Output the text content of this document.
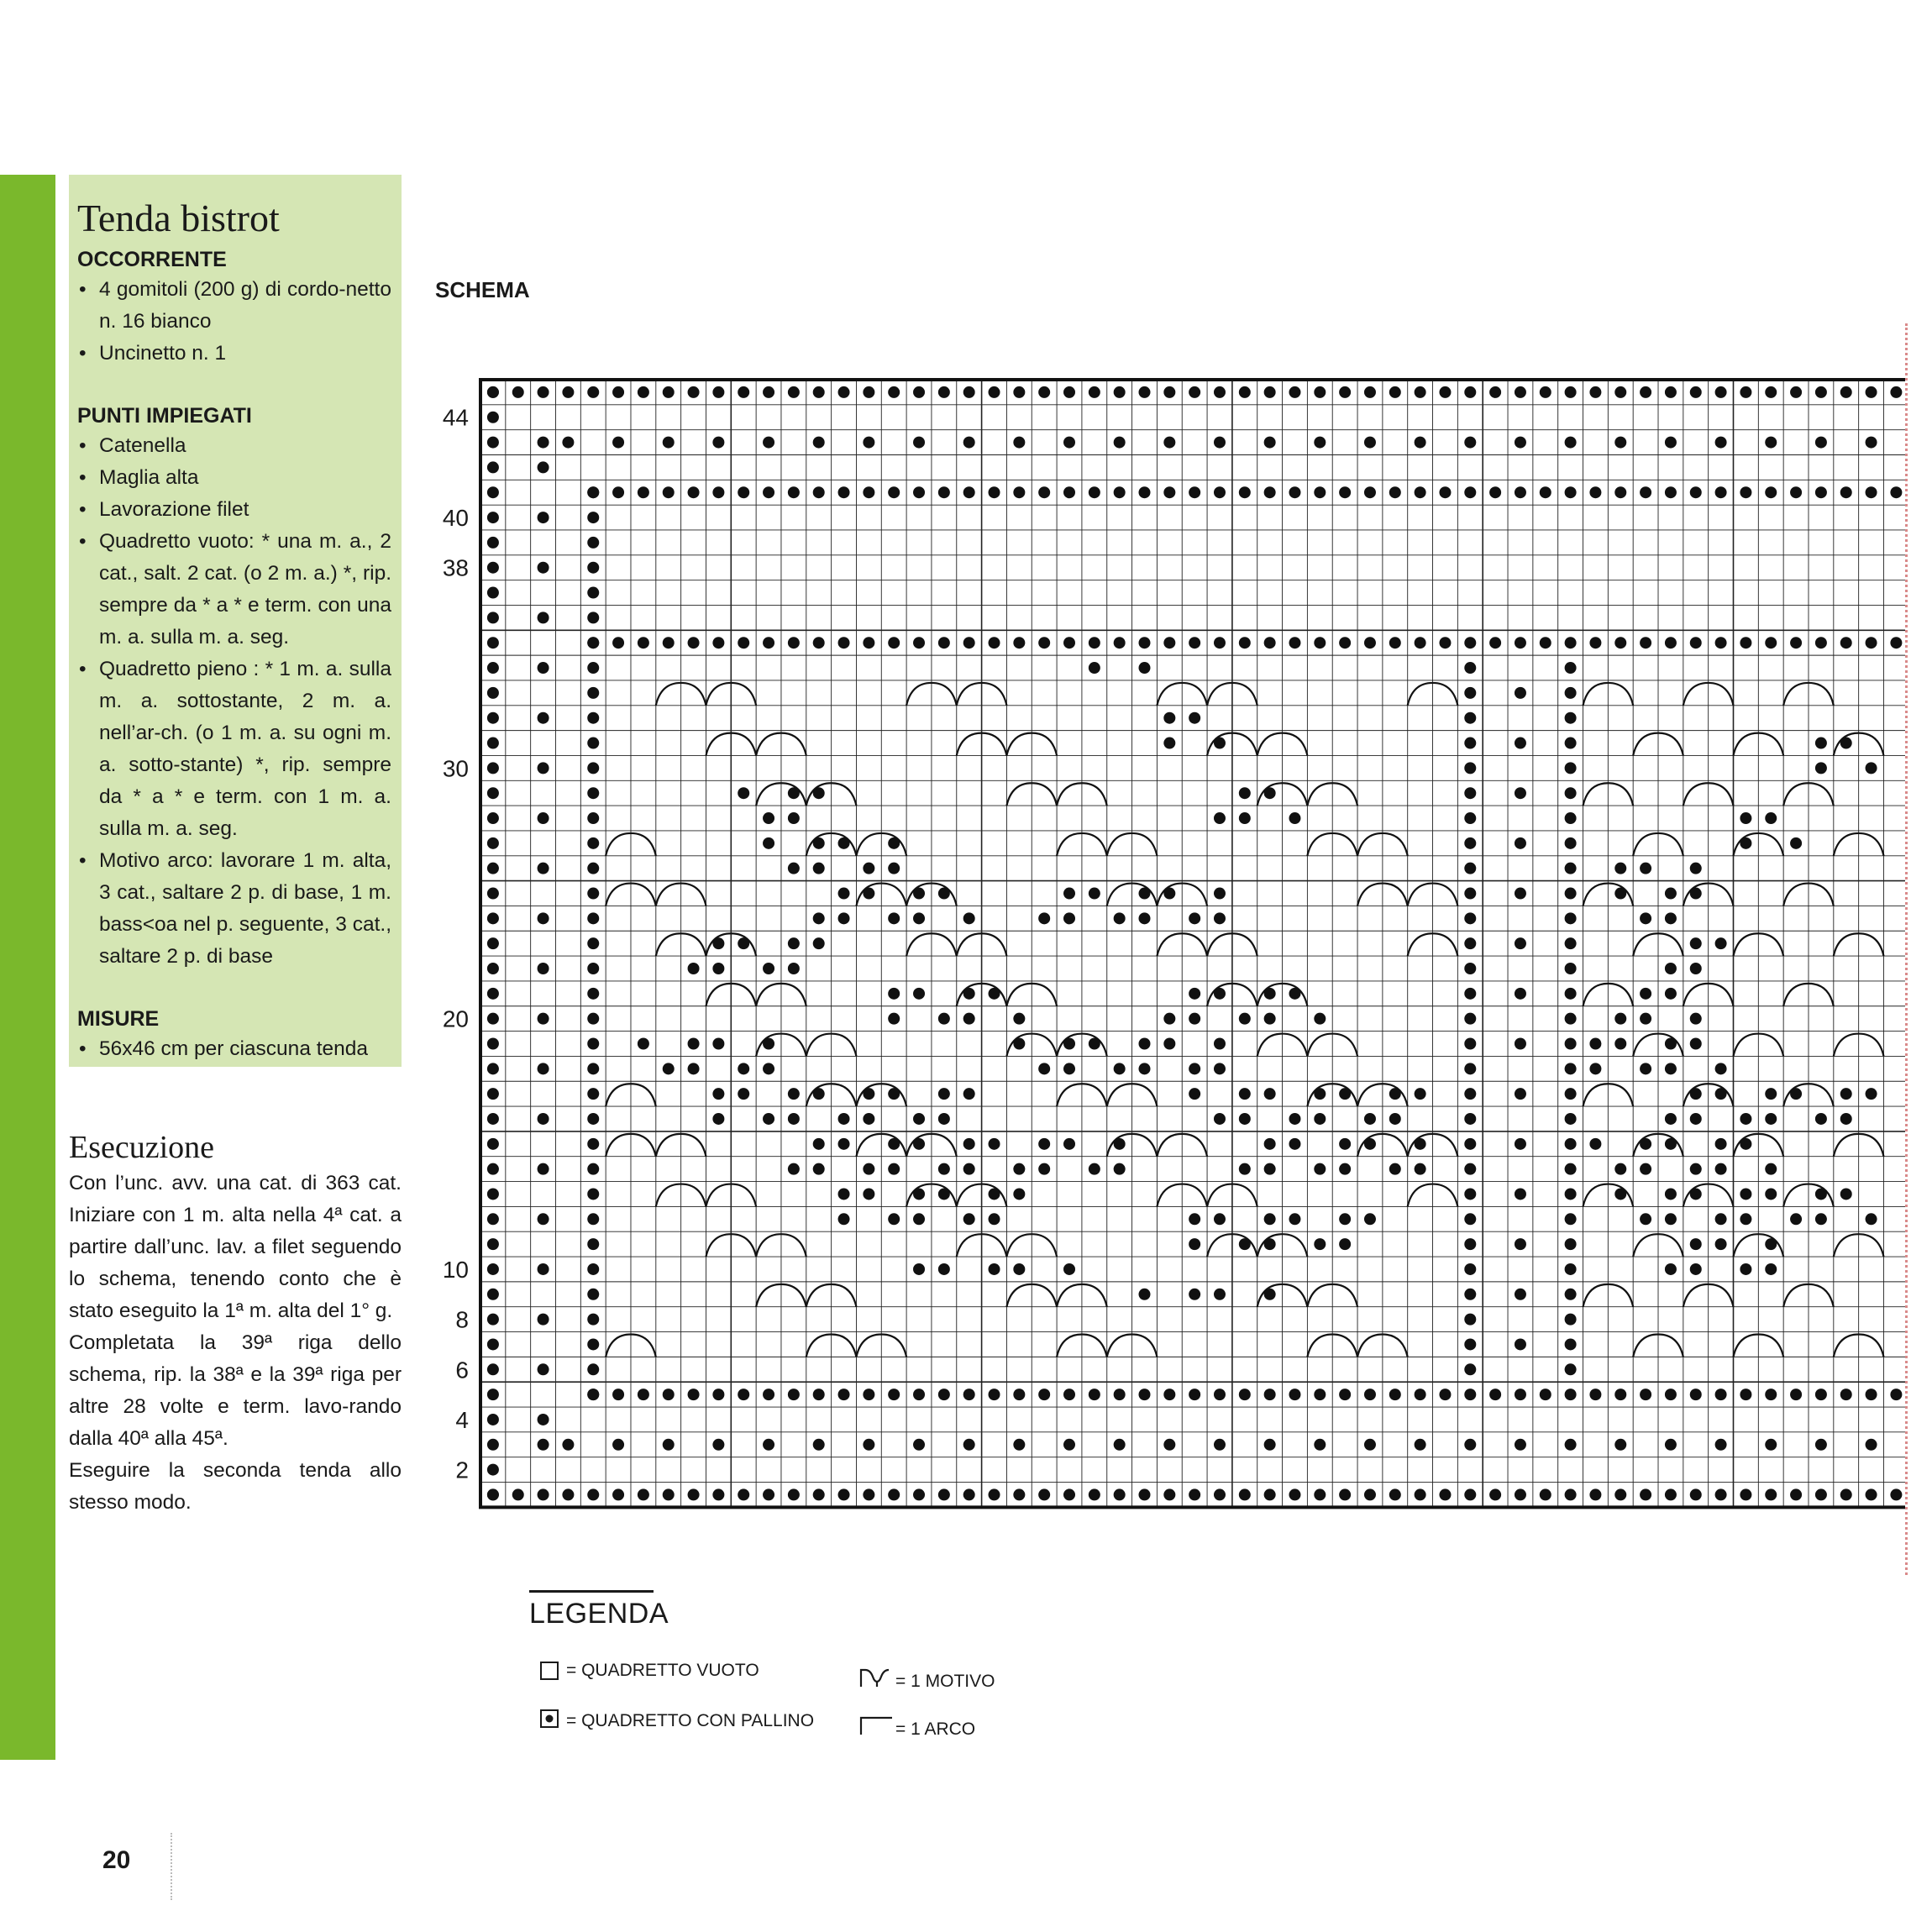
Tenda bistrot
OCCORRENTE
• 4 gomitoli (200 g) di cordo-netto n. 16 bianco
• Uncinetto n. 1
PUNTI IMPIEGATI
• Catenella
• Maglia alta
• Lavorazione filet
• Quadretto vuoto: * una m. a., 2 cat., salt. 2 cat. (o 2 m. a.) *, rip. sempre da * a * e term. con una m. a. sulla m. a. seg.
• Quadretto pieno : * 1 m. a. sulla m. a. sottostante, 2 m. a. nell’ar-ch. (o 1 m. a. su ogni m. a. sotto-stante) *, rip. sempre da * a * e term. con 1 m. a. sulla m. a. seg.
• Motivo arco: lavorare 1 m. alta, 3 cat., saltare 2 p. di base, 1 m. bass<oa nel p. seguente, 3 cat., saltare 2 p. di base
MISURE
• 56x46 cm per ciascuna tenda
Esecuzione

Con l’unc. avv. una cat. di 363 cat. Iniziare con 1 m. alta nella 4ª cat. a partire dall’unc. lav. a filet seguendo lo schema, tenendo conto che è stato eseguito la 1ª m. alta del 1° g.

Completata la 39ª riga dello schema, rip. la 38ª e la 39ª riga per altre 28 volte e term. lavo-rando dalla 40ª alla 45ª.

Eseguire la seconda tenda allo stesso modo.

SCHEMA
44
40
38
30
20
10
8
6
4
2
LEGENDA
= QUADRETTO VUOTO
= QUADRETTO CON PALLINO
= 1 MOTIVO
= 1 ARCO
20
